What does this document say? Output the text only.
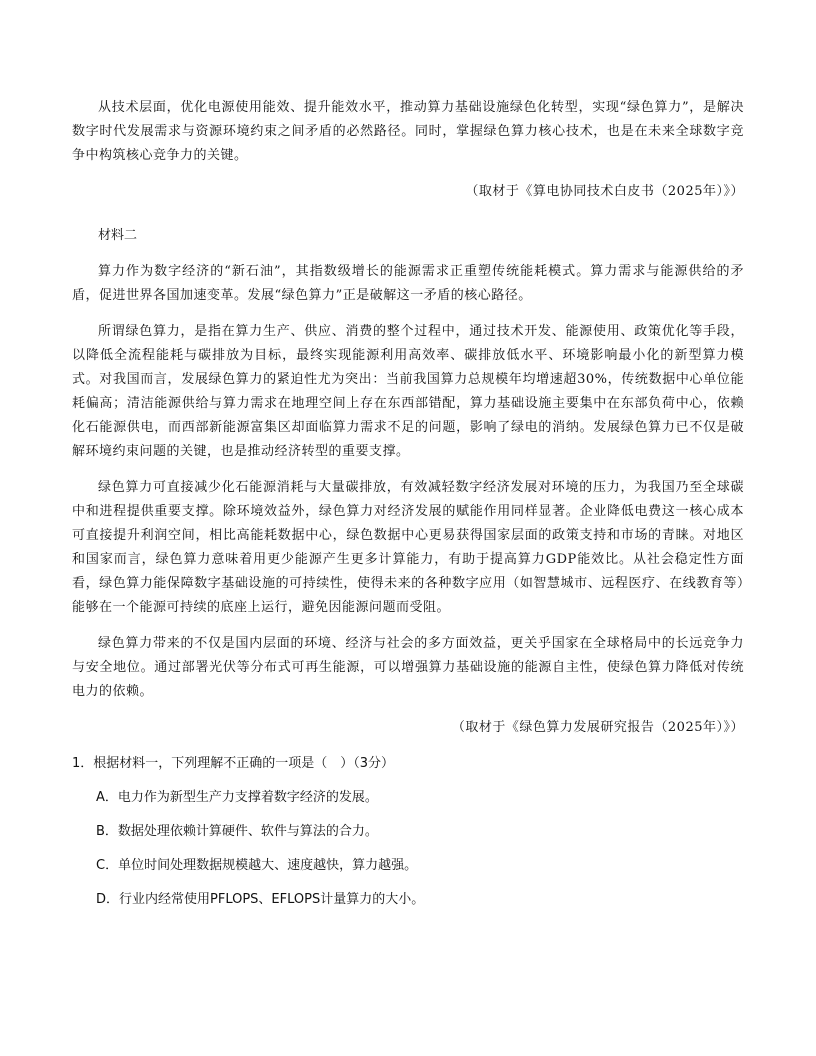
从技术层面，优化电源使用能效、提升能效水平，推动算力基础设施绿色化转型，实现“绿色算力”，是解决数字时代发展需求与资源环境约束之间矛盾的必然路径。同时，掌握绿色算力核心技术，也是在未来全球数字竞争中构筑核心竞争力的关键。

（取材于《算电协同技术白皮书（2025年）》）

材料二

算力作为数字经济的“新石油”，其指数级增长的能源需求正重塑传统能耗模式。算力需求与能源供给的矛盾，促进世界各国加速变革。发展“绿色算力”正是破解这一矛盾的核心路径。

所谓绿色算力，是指在算力生产、供应、消费的整个过程中，通过技术开发、能源使用、政策优化等手段，以降低全流程能耗与碳排放为目标，最终实现能源利用高效率、碳排放低水平、环境影响最小化的新型算力模式。对我国而言，发展绿色算力的紧迫性尤为突出：当前我国算力总规模年均增速超30%，传统数据中心单位能耗偏高；清洁能源供给与算力需求在地理空间上存在东西部错配，算力基础设施主要集中在东部负荷中心，依赖化石能源供电，而西部新能源富集区却面临算力需求不足的问题，影响了绿电的消纳。发展绿色算力已不仅是破解环境约束问题的关键，也是推动经济转型的重要支撑。

绿色算力可直接减少化石能源消耗与大量碳排放，有效减轻数字经济发展对环境的压力，为我国乃至全球碳中和进程提供重要支撑。除环境效益外，绿色算力对经济发展的赋能作用同样显著。企业降低电费这一核心成本可直接提升利润空间，相比高能耗数据中心，绿色数据中心更易获得国家层面的政策支持和市场的青睐。对地区和国家而言，绿色算力意味着用更少能源产生更多计算能力，有助于提高算力GDP能效比。从社会稳定性方面看，绿色算力能保障数字基础设施的可持续性，使得未来的各种数字应用（如智慧城市、远程医疗、在线教育等）能够在一个能源可持续的底座上运行，避免因能源问题而受阻。

绿色算力带来的不仅是国内层面的环境、经济与社会的多方面效益，更关乎国家在全球格局中的长远竞争力与安全地位。通过部署光伏等分布式可再生能源，可以增强算力基础设施的能源自主性，使绿色算力降低对传统电力的依赖。

（取材于《绿色算力发展研究报告（2025年）》）

1．根据材料一，下列理解不正确的一项是（　）（3分）

A．电力作为新型生产力支撑着数字经济的发展。

B．数据处理依赖计算硬件、软件与算法的合力。

C．单位时间处理数据规模越大、速度越快，算力越强。

D．行业内经常使用PFLOPS、EFLOPS计量算力的大小。
